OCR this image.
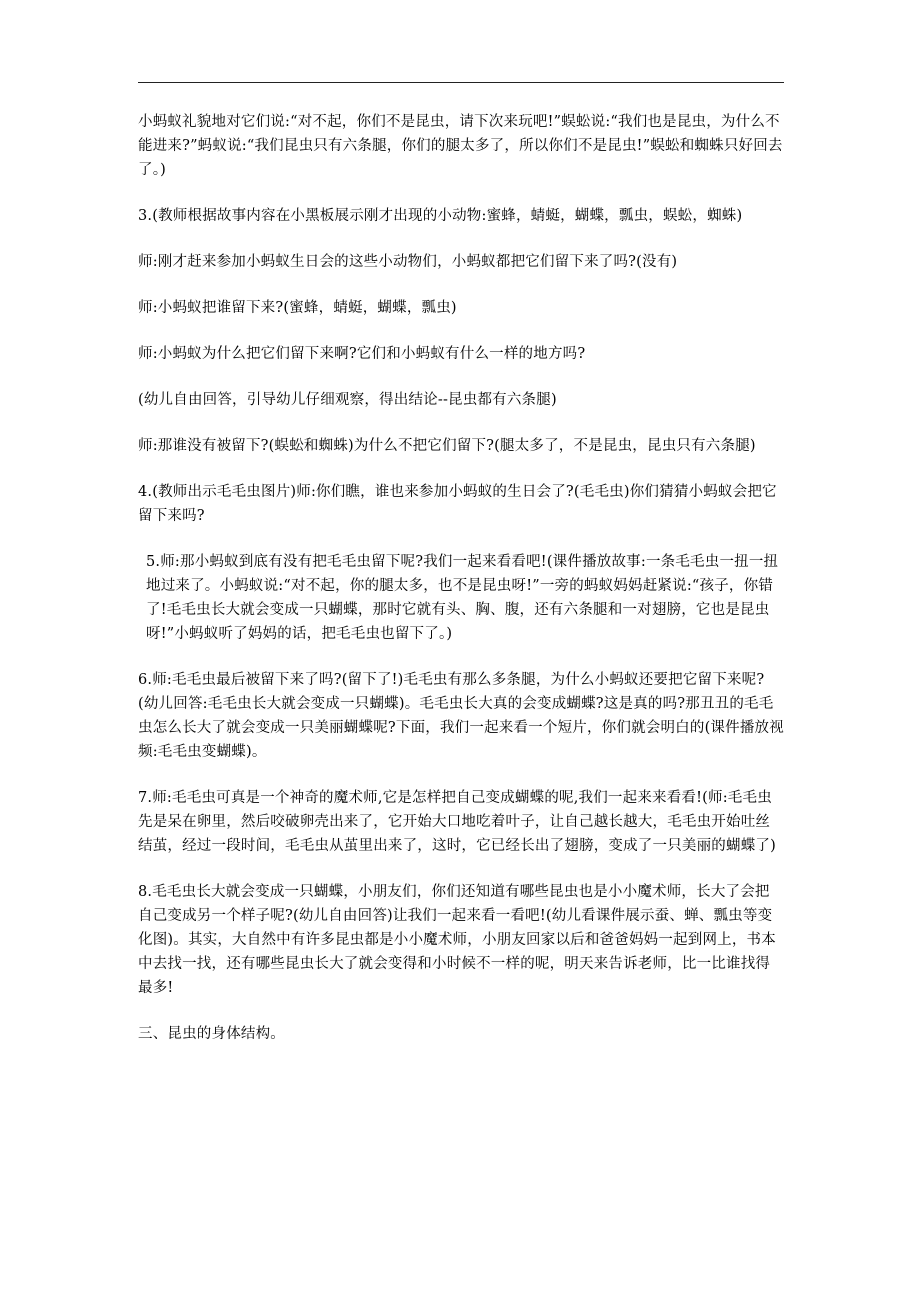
小蚂蚁礼貌地对它们说:“对不起，你们不是昆虫，请下次来玩吧!”蜈蚣说:“我们也是昆虫，为什么不能进来?”蚂蚁说:“我们昆虫只有六条腿，你们的腿太多了，所以你们不是昆虫!”蜈蚣和蜘蛛只好回去了。)

3.(教师根据故事内容在小黑板展示刚才出现的小动物:蜜蜂，蜻蜓，蝴蝶，瓢虫，蜈蚣，蜘蛛)

师:刚才赶来参加小蚂蚁生日会的这些小动物们，小蚂蚁都把它们留下来了吗?(没有)

师:小蚂蚁把谁留下来?(蜜蜂，蜻蜓，蝴蝶，瓢虫)

师:小蚂蚁为什么把它们留下来啊?它们和小蚂蚁有什么一样的地方吗?

(幼儿自由回答，引导幼儿仔细观察，得出结论--昆虫都有六条腿)

师:那谁没有被留下?(蜈蚣和蜘蛛)为什么不把它们留下?(腿太多了，不是昆虫，昆虫只有六条腿)

4.(教师出示毛毛虫图片)师:你们瞧，谁也来参加小蚂蚁的生日会了?(毛毛虫)你们猜猜小蚂蚁会把它留下来吗?

5.师:那小蚂蚁到底有没有把毛毛虫留下呢?我们一起来看看吧!(课件播放故事:一条毛毛虫一扭一扭地过来了。小蚂蚁说:“对不起，你的腿太多，也不是昆虫呀!”一旁的蚂蚁妈妈赶紧说:“孩子，你错了!毛毛虫长大就会变成一只蝴蝶，那时它就有头、胸、腹，还有六条腿和一对翅膀，它也是昆虫呀!”小蚂蚁听了妈妈的话，把毛毛虫也留下了。)

6.师:毛毛虫最后被留下来了吗?(留下了!)毛毛虫有那么多条腿，为什么小蚂蚁还要把它留下来呢?(幼儿回答:毛毛虫长大就会变成一只蝴蝶)。毛毛虫长大真的会变成蝴蝶?这是真的吗?那丑丑的毛毛虫怎么长大了就会变成一只美丽蝴蝶呢?下面，我们一起来看一个短片，你们就会明白的(课件播放视频:毛毛虫变蝴蝶)。

7.师:毛毛虫可真是一个神奇的魔术师,它是怎样把自己变成蝴蝶的呢,我们一起来来看看!(师:毛毛虫先是呆在卵里，然后咬破卵壳出来了，它开始大口地吃着叶子，让自己越长越大，毛毛虫开始吐丝结茧，经过一段时间，毛毛虫从茧里出来了，这时，它已经长出了翅膀，变成了一只美丽的蝴蝶了)

8.毛毛虫长大就会变成一只蝴蝶，小朋友们，你们还知道有哪些昆虫也是小小魔术师，长大了会把自己变成另一个样子呢?(幼儿自由回答)让我们一起来看一看吧!(幼儿看课件展示蚕、蝉、瓢虫等变化图)。其实，大自然中有许多昆虫都是小小魔术师，小朋友回家以后和爸爸妈妈一起到网上，书本中去找一找，还有哪些昆虫长大了就会变得和小时候不一样的呢，明天来告诉老师，比一比谁找得最多!

三、昆虫的身体结构。
